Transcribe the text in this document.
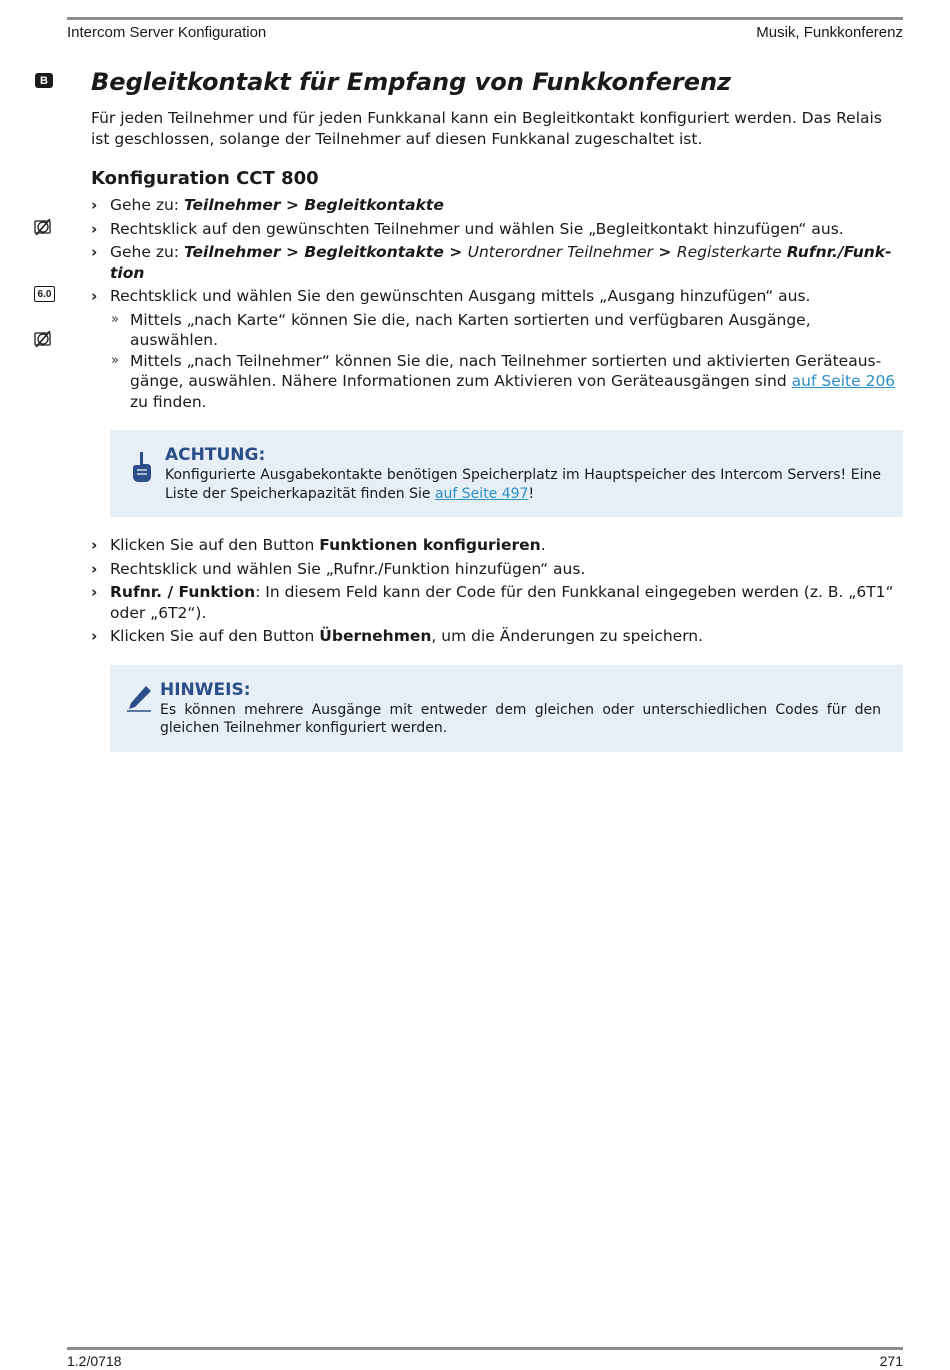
Intercom Server Konfiguration	Musik, Funkkonferenz
B
6.0
Begleitkontakt für Empfang von Funkkonferenz

Für jeden Teilnehmer und für jeden Funkkanal kann ein Begleitkontakt konfiguriert werden. Das Relais ist geschlossen, solange der Teilnehmer auf diesen Funkkanal zugeschaltet ist.

Konfiguration CCT 800
› Gehe zu: Teilnehmer > Begleitkontakte
› Rechtsklick auf den gewünschten Teilnehmer und wählen Sie „Begleitkontakt hinzufügen“ aus.
› Gehe zu: Teilnehmer > Begleitkontakte > Unterordner Teilnehmer > Registerkarte Rufnr./Funk-tion
› Rechtsklick und wählen Sie den gewünschten Ausgang mittels „Ausgang hinzufügen“ aus.
» Mittels „nach Karte“ können Sie die, nach Karten sortierten und verfügbaren Ausgänge, auswählen.
» Mittels „nach Teilnehmer“ können Sie die, nach Teilnehmer sortierten und aktivierten Geräteaus-gänge, auswählen. Nähere Informationen zum Aktivieren von Geräteausgängen sind auf Seite 206 zu finden.
ACHTUNG:
Konfigurierte Ausgabekontakte benötigen Speicherplatz im Hauptspeicher des Intercom Servers! Eine Liste der Speicherkapazität finden Sie auf Seite 497!
› Klicken Sie auf den Button Funktionen konfigurieren.
› Rechtsklick und wählen Sie „Rufnr./Funktion hinzufügen“ aus.
› Rufnr. / Funktion: In diesem Feld kann der Code für den Funkkanal eingegeben werden (z. B. „6T1“ oder „6T2“).
› Klicken Sie auf den Button Übernehmen, um die Änderungen zu speichern.
HINWEIS:
Es können mehrere Ausgänge mit entweder dem gleichen oder unterschiedlichen Codes für den gleichen Teilnehmer konfiguriert werden.
1.2/0718	271
